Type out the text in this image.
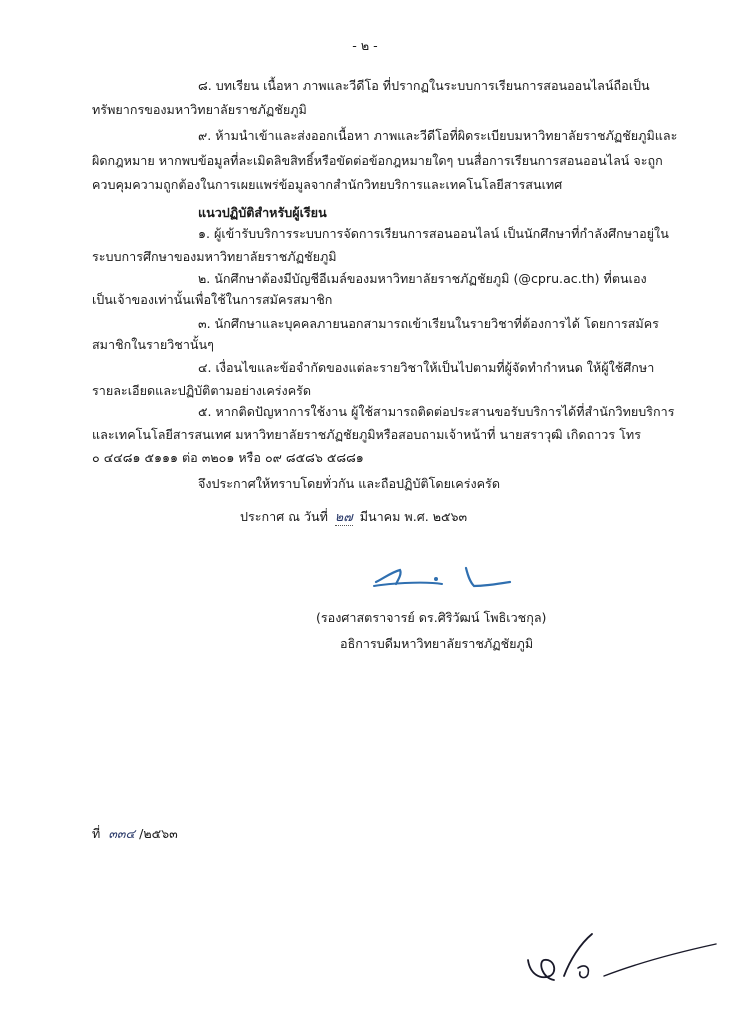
- ๒ -
๘. บทเรียน เนื้อหา ภาพและวีดีโอ ที่ปรากฏในระบบการเรียนการสอนออนไลน์ถือเป็น
ทรัพยากรของมหาวิทยาลัยราชภัฏชัยภูมิ
๙. ห้ามนำเข้าและส่งออกเนื้อหา ภาพและวีดีโอที่ผิดระเบียบมหาวิทยาลัยราชภัฏชัยภูมิและ
ผิดกฎหมาย หากพบข้อมูลที่ละเมิดลิขสิทธิ์หรือขัดต่อข้อกฎหมายใดๆ บนสื่อการเรียนการสอนออนไลน์ จะถูก
ควบคุมความถูกต้องในการเผยแพร่ข้อมูลจากสำนักวิทยบริการและเทคโนโลยีสารสนเทศ
แนวปฏิบัติสำหรับผู้เรียน
๑. ผู้เข้ารับบริการระบบการจัดการเรียนการสอนออนไลน์ เป็นนักศึกษาที่กำลังศึกษาอยู่ใน
ระบบการศึกษาของมหาวิทยาลัยราชภัฏชัยภูมิ
๒. นักศึกษาต้องมีบัญชีอีเมล์ของมหาวิทยาลัยราชภัฏชัยภูมิ (@cpru.ac.th) ที่ตนเอง
เป็นเจ้าของเท่านั้นเพื่อใช้ในการสมัครสมาชิก
๓. นักศึกษาและบุคคลภายนอกสามารถเข้าเรียนในรายวิชาที่ต้องการได้ โดยการสมัคร
สมาชิกในรายวิชานั้นๆ
๔. เงื่อนไขและข้อจำกัดของแต่ละรายวิชาให้เป็นไปตามที่ผู้จัดทำกำหนด ให้ผู้ใช้ศึกษา
รายละเอียดและปฏิบัติตามอย่างเคร่งครัด
๕. หากติดปัญหาการใช้งาน ผู้ใช้สามารถติดต่อประสานขอรับบริการได้ที่สำนักวิทยบริการ
และเทคโนโลยีสารสนเทศ มหาวิทยาลัยราชภัฏชัยภูมิหรือสอบถามเจ้าหน้าที่ นายสราวุฒิ เกิดถาวร โทร
๐ ๔๔๘๑ ๕๑๑๑ ต่อ ๓๒๐๑ หรือ ๐๙ ๘๕๘๖ ๕๘๘๑
จึงประกาศให้ทราบโดยทั่วกัน และถือปฏิบัติโดยเคร่งครัด
ประกาศ ณ วันที่ ๒๗ มีนาคม พ.ศ. ๒๕๖๓
(รองศาสตราจารย์ ดร.ศิริวัฒน์ โพธิเวชกุล)
อธิการบดีมหาวิทยาลัยราชภัฏชัยภูมิ
ที่ ๓๓๔ /๒๕๖๓
